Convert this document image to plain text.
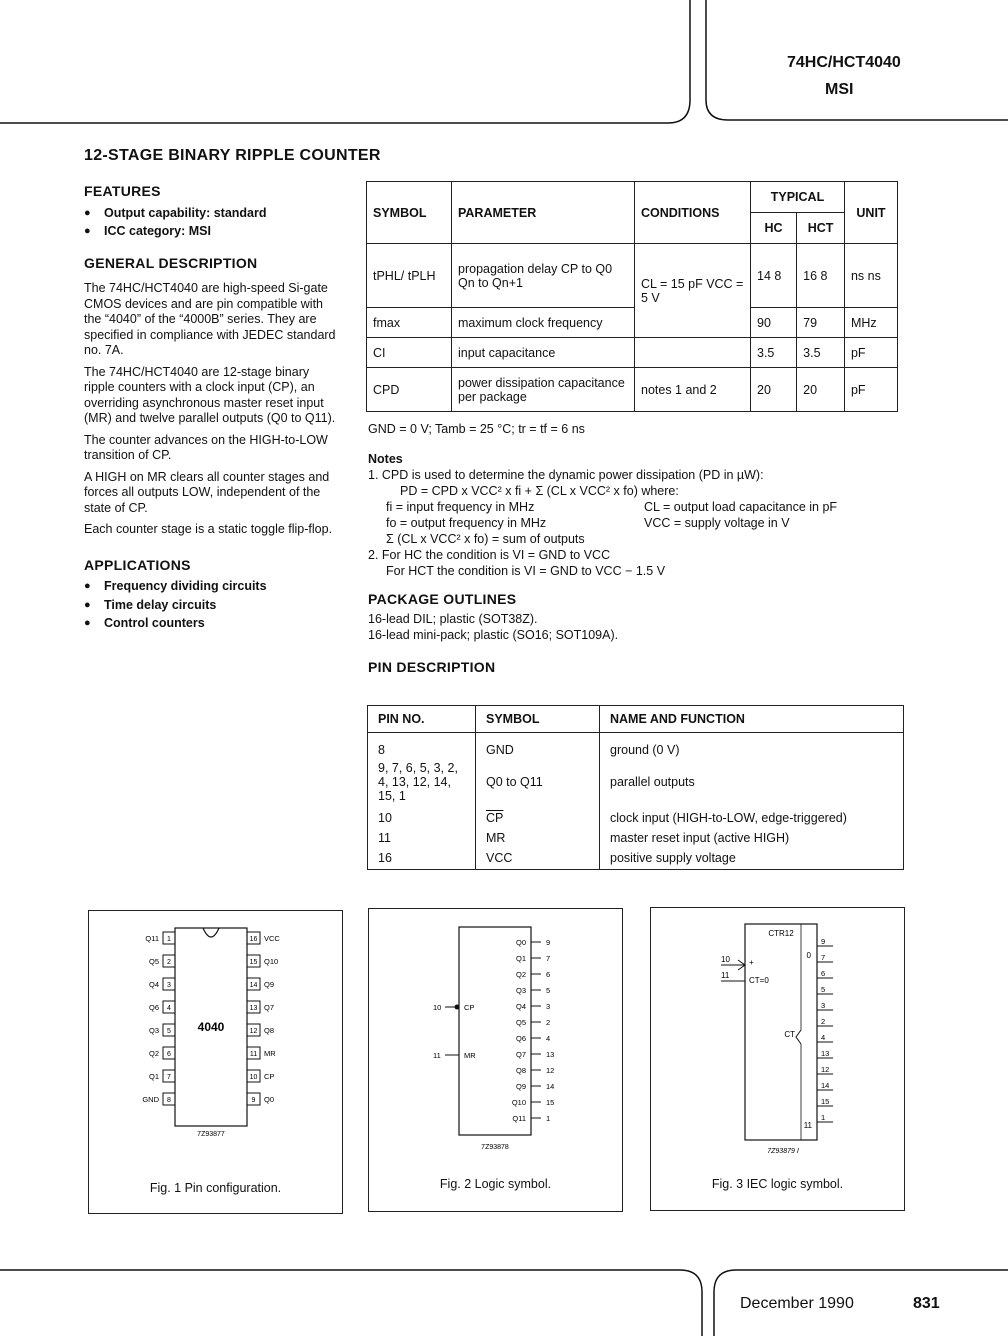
74HC/HCT4040
MSI
12-STAGE BINARY RIPPLE COUNTER

FEATURES

● Output capability: standard
● ICC category: MSI

GENERAL DESCRIPTION

The 74HC/HCT4040 are high-speed Si-gate CMOS devices and are pin compatible with the “4040” of the “4000B” series. They are specified in compliance with JEDEC standard no. 7A.

The 74HC/HCT4040 are 12-stage binary ripple counters with a clock input (CP), an overriding asynchronous master reset input (MR) and twelve parallel outputs (Q0 to Q11).

The counter advances on the HIGH-to-LOW transition of CP.

A HIGH on MR clears all counter stages and forces all outputs LOW, independent of the state of CP.

Each counter stage is a static toggle flip-flop.

APPLICATIONS

● Frequency dividing circuits
● Time delay circuits
● Control counters
SYMBOL	PARAMETER	CONDITIONS	TYPICAL		UNIT
			HC	HCT	
tPHL/ tPLH	propagation delay CP to Q0 Qn to Qn+1	CL = 15 pF VCC = 5 V	14 8	16 8	ns ns
fmax	maximum clock frequency		90	79	MHz
CI	input capacitance		3.5	3.5	pF
CPD	power dissipation capacitance per package	notes 1 and 2	20	20	pF

GND = 0 V; Tamb = 25 °C; tr = tf = 6 ns

Notes

1. CPD is used to determine the dynamic power dissipation (PD in µW):

PD = CPD x VCC² x fi + Σ (CL x VCC² x fo) where:

fi = input frequency in MHz

fo = output frequency in MHz

CL = output load capacitance in pF

VCC = supply voltage in V

Σ (CL x VCC² x fo) = sum of outputs

2. For HC the condition is VI = GND to VCC

For HCT the condition is VI = GND to VCC − 1.5 V

PACKAGE OUTLINES

16-lead DIL; plastic (SOT38Z).

16-lead mini-pack; plastic (SO16; SOT109A).

PIN DESCRIPTION

PIN NO.	SYMBOL	NAME AND FUNCTION
8	GND	ground (0 V)
9, 7, 6, 5, 3, 2, 4, 13, 12, 14, 15, 1	Q0 to Q11	parallel outputs
10	$\overline{CP}$	clock input (HIGH-to-LOW, edge-triggered)
11	MR	master reset input (active HIGH)
16	VCC	positive supply voltage
4040
7Z93877
1
Q11	16 VCC
2
Q5	15 Q10
3
Q4	14 Q9
4
Q6	13 Q7
5
Q3	12 Q8
6
Q2	11 MR
7
Q1	10 CP
8
GND	9 Q0
Fig. 1 Pin configuration.
7Z93878
Q0	9
Q1	7
Q2	6
Q3	5
Q4	3
Q5	2
Q6	4
Q7	13
Q8	12
Q9	14
Q10	15
Q11	1
10	CP
11	MR
Fig. 2 Logic symbol.
CTR12
+
CT=0
CT
0
11
10
11
7Z93879 I
9
7
6
5
3
2
4
13
12
14
15
1
Fig. 3 IEC logic symbol.
December 1990	831
